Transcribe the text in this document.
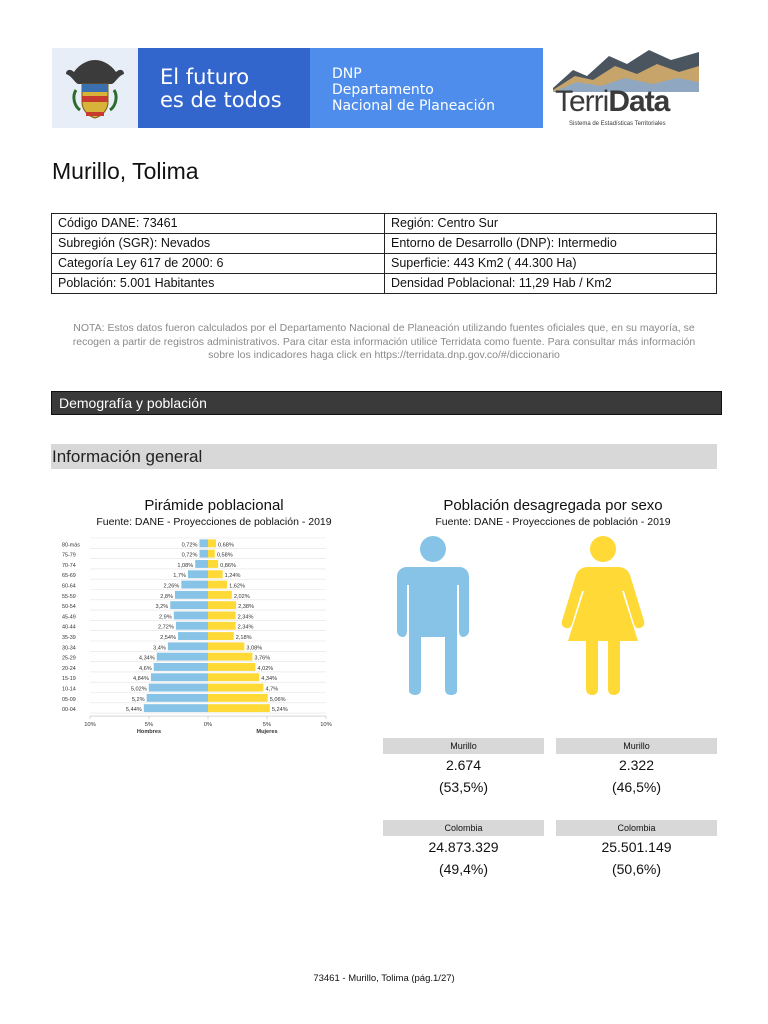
El futuro
es de todos
DNP
Departamento
Nacional de Planeación TerriData
Sistema de Estadísticas Territoriales
Murillo, Tolima
Código DANE: 73461	Región: Centro Sur
Subregión (SGR): Nevados	Entorno de Desarrollo (DNP): Intermedio
Categoría Ley 617 de 2000: 6	Superficie: 443 Km2 ( 44.300 Ha)
Población: 5.001 Habitantes	Densidad Poblacional: 11,29 Hab / Km2
NOTA: Estos datos fueron calculados por el Departamento Nacional de Planeación utilizando fuentes oficiales que, en su mayoría, se recogen a partir de registros administrativos. Para citar esta información utilice Terridata como fuente. Para consultar más información sobre los indicadores haga click en https://terridata.dnp.gov.co/#/diccionario
Demografía y población
Información general
Pirámide poblacional
Fuente: DANE - Proyecciones de población - 2019
80-más	0,72%	0,68%
75-79	0,72%	0,58%
70-74	1,08%	0,86%
65-69	1,7%	1,24%
60-64	2,26%	1,62%
55-59	2,8%	2,02%
50-54	3,2%	2,38%
45-49	2,9%	2,34%
40-44	2,72%	2,34%
35-39	2,54%	2,18%
30-34	3,4%	3,08%
25-29	4,34%	3,76%
20-24	4,6%	4,02%
15-19	4,84%	4,34%
10-14	5,02%	4,7%
05-09	5,2%	5,06%
00-04	5,44%	5,24%
10%	5%	0%	5%	10%
Hombres	Mujeres
Población desagregada por sexo
Fuente: DANE - Proyecciones de población - 2019
Murillo
2.674
(53,5%)
Murillo
2.322
(46,5%)
Colombia
24.873.329
(49,4%)
Colombia
25.501.149
(50,6%)
73461 - Murillo, Tolima (pág.1/27)
